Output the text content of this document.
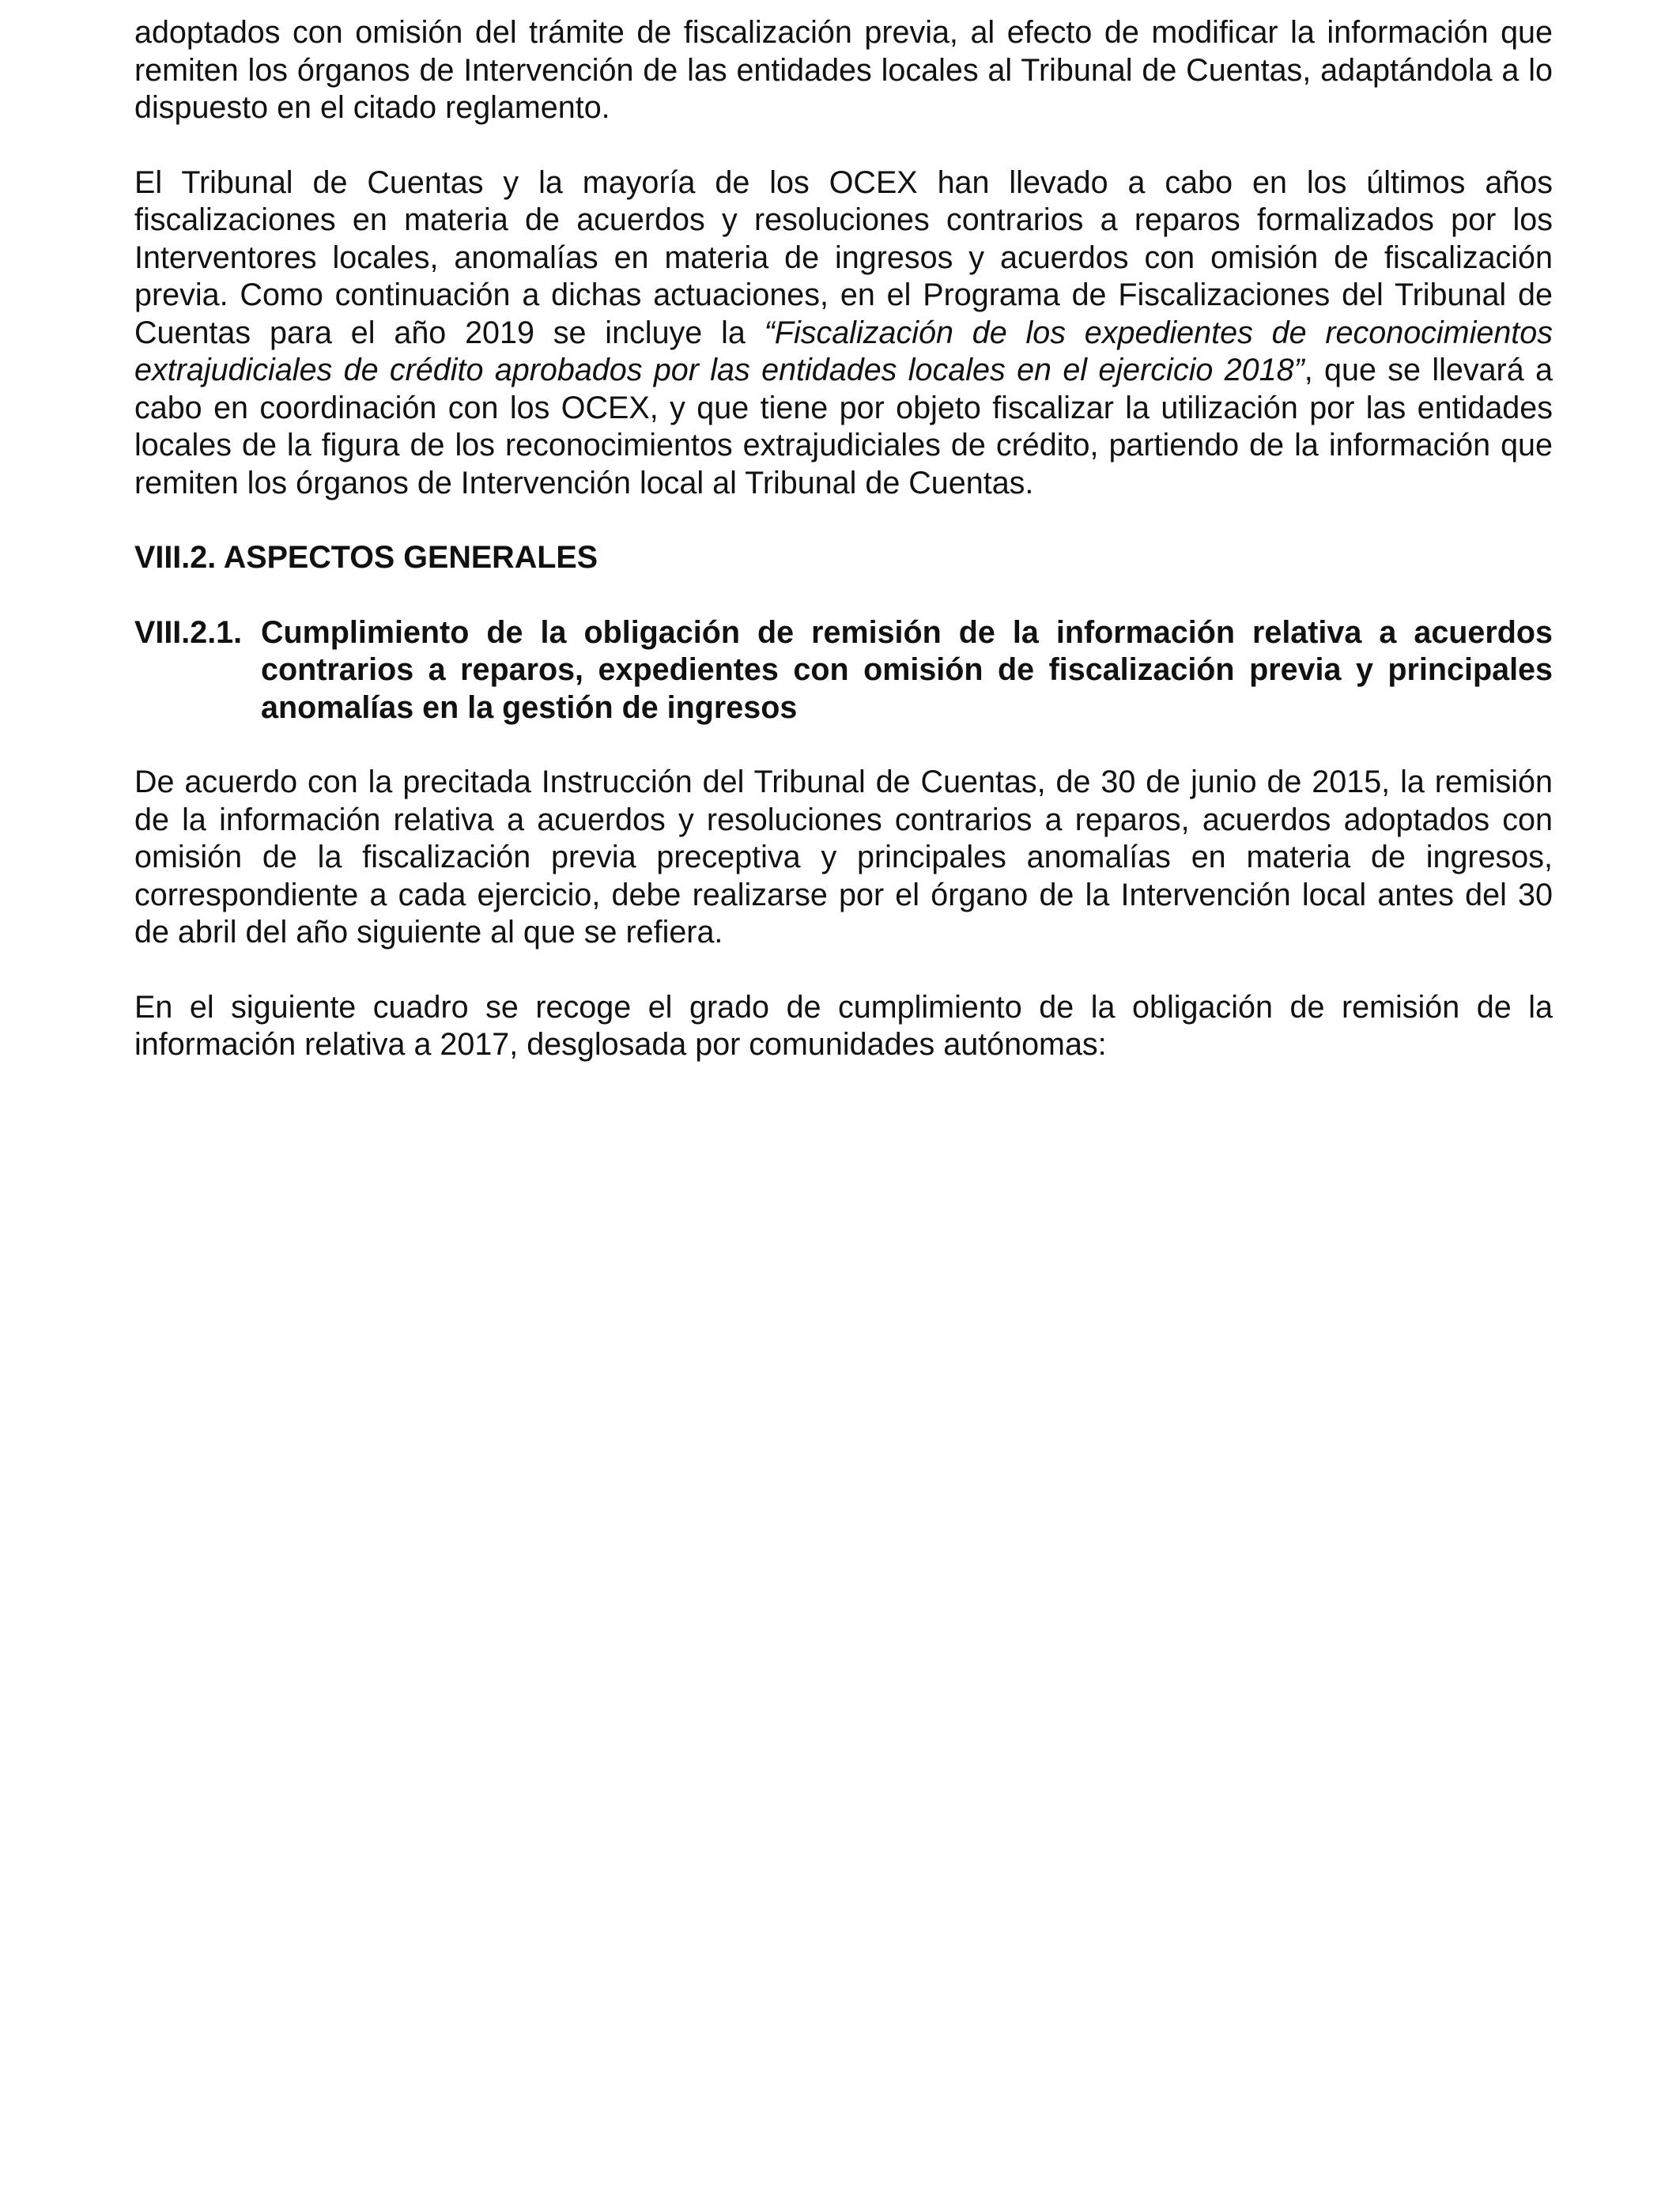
adoptados con omisión del trámite de fiscalización previa, al efecto de modificar la información que remiten los órganos de Intervención de las entidades locales al Tribunal de Cuentas, adaptándola a lo dispuesto en el citado reglamento.

El Tribunal de Cuentas y la mayoría de los OCEX han llevado a cabo en los últimos años fiscalizaciones en materia de acuerdos y resoluciones contrarios a reparos formalizados por los Interventores locales, anomalías en materia de ingresos y acuerdos con omisión de fiscalización previa. Como continuación a dichas actuaciones, en el Programa de Fiscalizaciones del Tribunal de Cuentas para el año 2019 se incluye la “Fiscalización de los expedientes de reconocimientos extrajudiciales de crédito aprobados por las entidades locales en el ejercicio 2018”, que se llevará a cabo en coordinación con los OCEX, y que tiene por objeto fiscalizar la utilización por las entidades locales de la figura de los reconocimientos extrajudiciales de crédito, partiendo de la información que remiten los órganos de Intervención local al Tribunal de Cuentas.

VIII.2. ASPECTOS GENERALES
VIII.2.1. Cumplimiento de la obligación de remisión de la información relativa a acuerdos contrarios a reparos, expedientes con omisión de fiscalización previa y principales anomalías en la gestión de ingresos

De acuerdo con la precitada Instrucción del Tribunal de Cuentas, de 30 de junio de 2015, la remisión de la información relativa a acuerdos y resoluciones contrarios a reparos, acuerdos adoptados con omisión de la fiscalización previa preceptiva y principales anomalías en materia de ingresos, correspondiente a cada ejercicio, debe realizarse por el órgano de la Intervención local antes del 30 de abril del año siguiente al que se refiera.

En el siguiente cuadro se recoge el grado de cumplimiento de la obligación de remisión de la información relativa a 2017, desglosada por comunidades autónomas:
